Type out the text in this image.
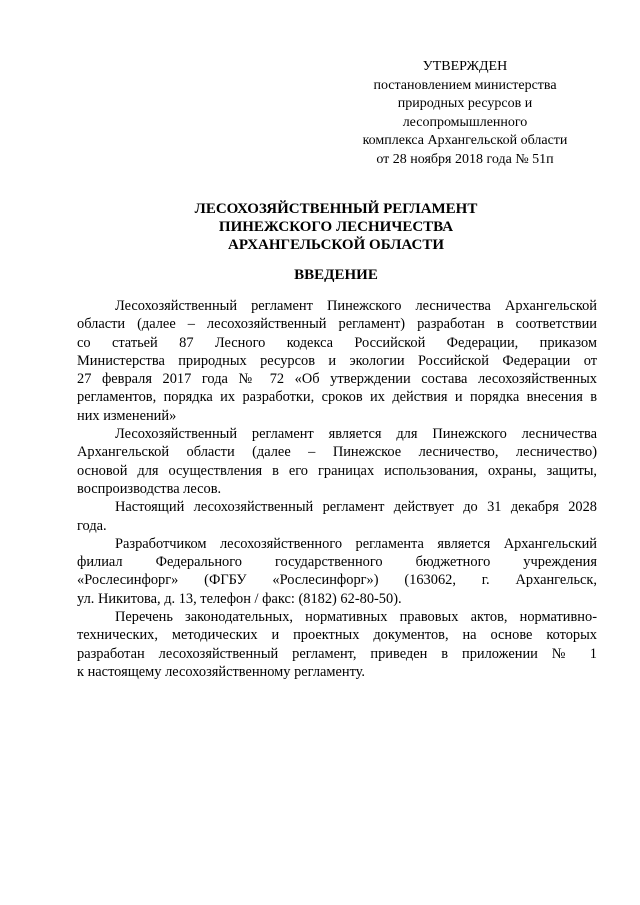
УТВЕРЖДЕН
постановлением министерства
природных ресурсов и
лесопромышленного
комплекса Архангельской области
от 28 ноября 2018 года № 51п
ЛЕСОХОЗЯЙСТВЕННЫЙ РЕГЛАМЕНТ
ПИНЕЖСКОГО ЛЕСНИЧЕСТВА
АРХАНГЕЛЬСКОЙ ОБЛАСТИ
ВВЕДЕНИЕ
Лесохозяйственный регламент Пинежского лесничества Архангельской
области (далее – лесохозяйственный регламент) разработан в соответствии
со статьей 87 Лесного кодекса Российской Федерации, приказом
Министерства природных ресурсов и экологии Российской Федерации от
27 февраля 2017 года № 72 «Об утверждении состава лесохозяйственных
регламентов, порядка их разработки, сроков их действия и порядка внесения в
них изменений»
Лесохозяйственный регламент является для Пинежского лесничества
Архангельской области (далее – Пинежское лесничество, лесничество)
основой для осуществления в его границах использования, охраны, защиты,
воспроизводства лесов.
Настоящий лесохозяйственный регламент действует до 31 декабря 2028
года.
Разработчиком лесохозяйственного регламента является Архангельский
филиал Федерального государственного бюджетного учреждения
«Рослесинфорг» (ФГБУ «Рослесинфорг») (163062, г. Архангельск,
ул. Никитова, д. 13, телефон / факс: (8182) 62-80-50).
Перечень законодательных, нормативных правовых актов, нормативно-
технических, методических и проектных документов, на основе которых
разработан лесохозяйственный регламент, приведен в приложении № 1
к настоящему лесохозяйственному регламенту.
